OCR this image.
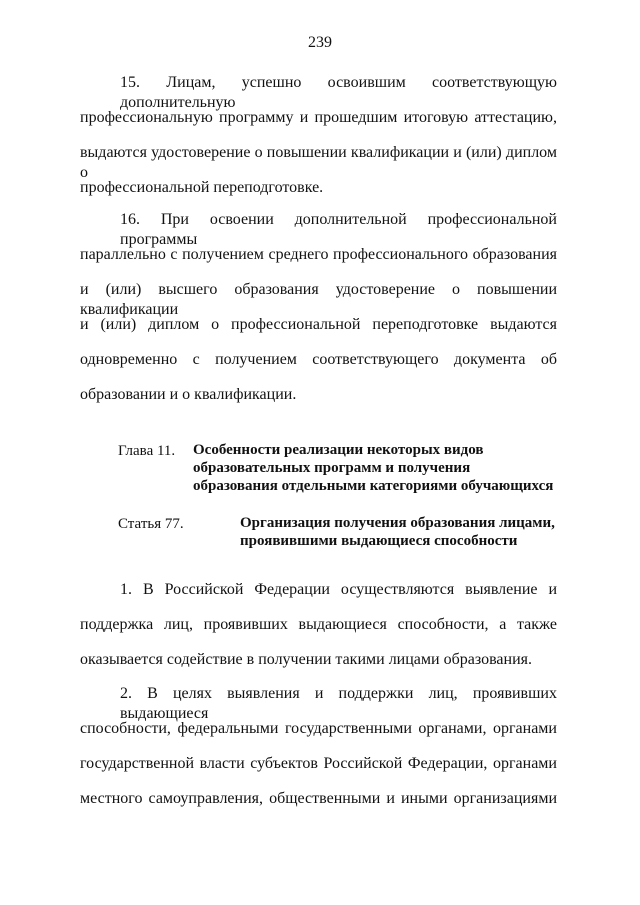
239
15. Лицам, успешно освоившим соответствующую дополнительную
профессиональную программу и прошедшим итоговую аттестацию,
выдаются удостоверение о повышении квалификации и (или) диплом о
профессиональной переподготовке.
16. При освоении дополнительной профессиональной программы
параллельно с получением среднего профессионального образования
и (или) высшего образования удостоверение о повышении квалификации
и (или) диплом о профессиональной переподготовке выдаются
одновременно с получением соответствующего документа об
образовании и о квалификации.
Глава 11. Особенности реализации некоторых видов
образовательных программ и получения
образования отдельными категориями обучающихся
Статья 77.	Организация получения образования лицами,
проявившими выдающиеся способности
1. В Российской Федерации осуществляются выявление и
поддержка лиц, проявивших выдающиеся способности, а также
оказывается содействие в получении такими лицами образования.
2. В целях выявления и поддержки лиц, проявивших выдающиеся
способности, федеральными государственными органами, органами
государственной власти субъектов Российской Федерации, органами
местного самоуправления, общественными и иными организациями
